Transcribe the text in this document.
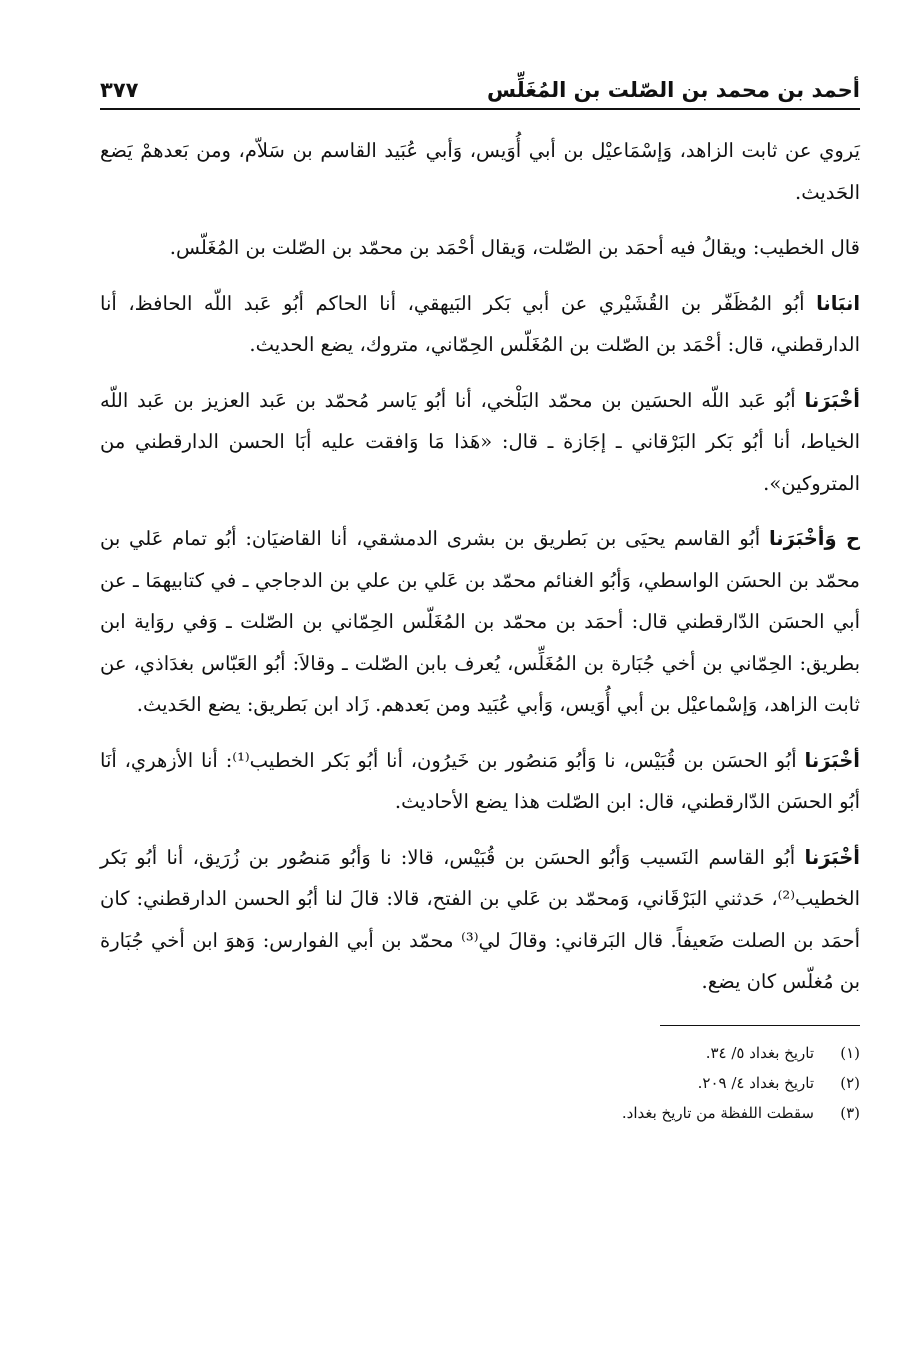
أحمد بن محمد بن الصّلت بن المُغَلِّس
٣٧٧

يَروي عن ثابت الزاهد، وَإسْمَاعيْل بن أبي أُوَيس، وَأبي عُبَيد القاسم بن سَلاّم، ومن بَعدهمْ يَضع الحَديث.

قال الخطيب: ويقالُ فيه أحمَد بن الصّلت، وَيقال أحْمَد بن محمّد بن الصّلت بن المُغَلّس.

انبَانا أبُو المُظَفّر بن القُشَيْري عن أبي بَكر البَيهقي، أنا الحاكم أبُو عَبد اللّه الحافظ، أنا الدارقطني، قال: أحْمَد بن الصّلت بن المُغَلّس الحِمّاني، متروك، يضع الحديث.

أخْبَرَنا أبُو عَبد اللّه الحسَين بن محمّد البَلْخي، أنا أبُو يَاسر مُحمّد بن عَبد العزيز بن عَبد اللّه الخياط، أنا أبُو بَكر البَرْقاني ـ إجَازة ـ قال: «هَذا مَا وَافقت عليه أبَا الحسن الدارقطني من المتروكين».

ح وَأخْبَرَنا أبُو القاسم يحيَى بن بَطريق بن بشرى الدمشقي، أنا القاضيَان: أبُو تمام عَلي بن محمّد بن الحسَن الواسطي، وَأبُو الغنائم محمّد بن عَلي بن علي بن الدجاجي ـ في كتابيهمَا ـ عن أبي الحسَن الدّارقطني قال: أحمَد بن محمّد بن المُغَلّس الحِمّاني بن الصّلت ـ وَفي روَاية ابن بطريق: الحِمّاني بن أخي جُبَارة بن المُغَلِّس، يُعرف بابن الصّلت ـ وقالاَ: أبُو العَبّاس بغدَاذي، عن ثابت الزاهد، وَإسْماعيْل بن أبي أُوَيس، وَأبي عُبَيد ومن بَعدهم. زَاد ابن بَطريق: يضع الحَديث.

أخْبَرَنا أبُو الحسَن بن قُبَيْس، نا وَأبُو مَنصُور بن خَيرُون، أنا أبُو بَكر الخطيب⁽¹⁾: أنا الأزهري، أنَا أبُو الحسَن الدّارقطني، قال: ابن الصّلت هذا يضع الأحاديث.

أخْبَرَنا أبُو القاسم النَسيب وَأبُو الحسَن بن قُبَيْس، قالا: نا وَأبُو مَنصُور بن زُرَيق، أنا أبُو بَكر الخطيب⁽²⁾، حَدثني البَرْقَاني، وَمحمّد بن عَلي بن الفتح، قالا: قالَ لنا أبُو الحسن الدارقطني: كان أحمَد بن الصلت ضَعيفاً. قال البَرقاني: وقالَ لي⁽³⁾ محمّد بن أبي الفوارس: وَهوَ ابن أخي جُبَارة بن مُغلّس كان يضع.

(١)
تاريخ بغداد ٥/ ٣٤.
(٢)
تاريخ بغداد ٤/ ٢٠٩.
(٣)
سقطت اللفظة من تاريخ بغداد.
